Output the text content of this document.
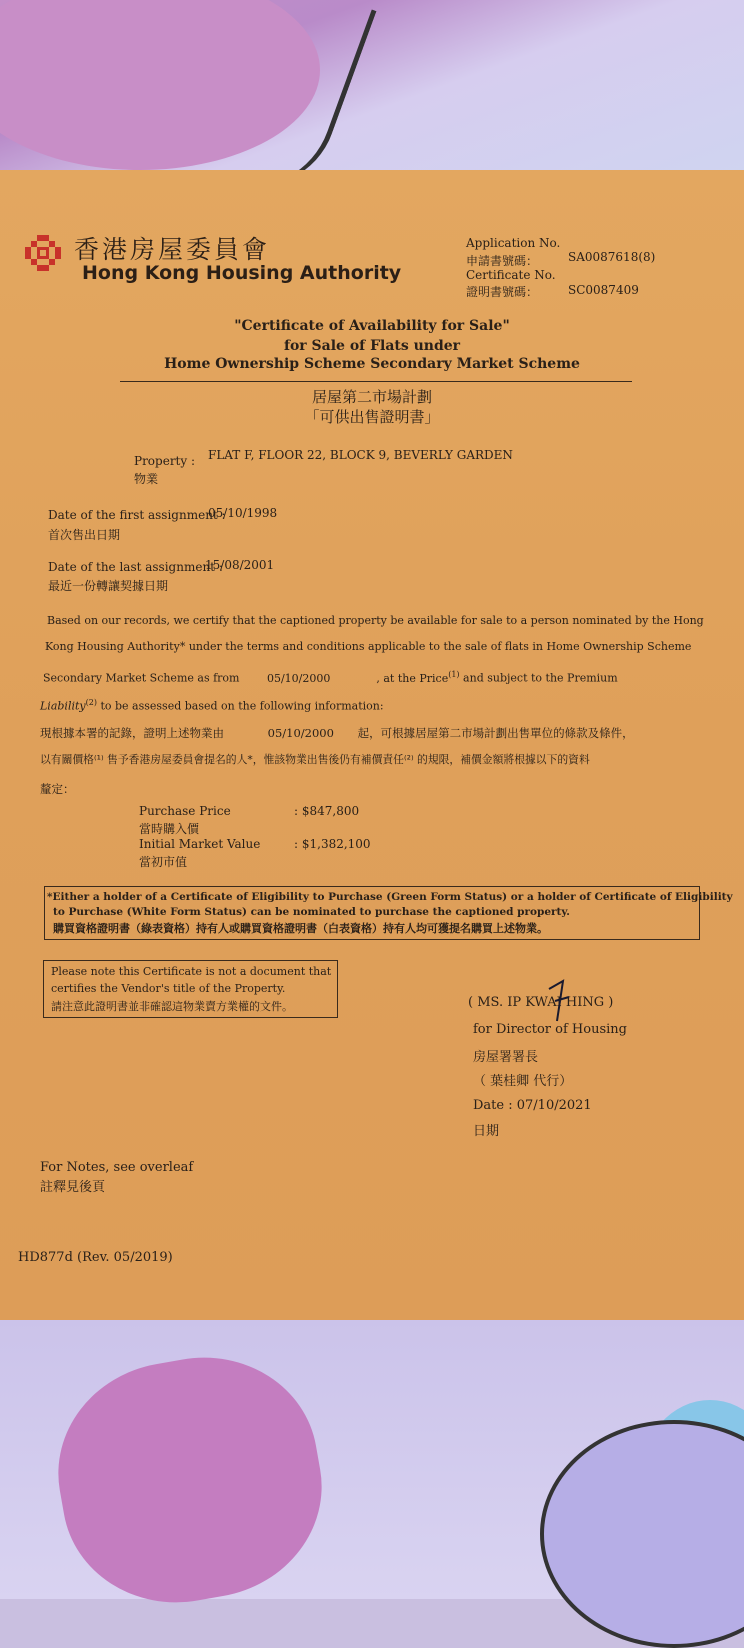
香港房屋委員會
Hong Kong Housing Authority
Application No.
申請書號碼： SA0087618(8)
Certificate No.
證明書號碼： SC0087409
"Certificate of Availability for Sale"
for Sale of Flats under
Home Ownership Scheme Secondary Market Scheme
居屋第二市場計劃
「可供出售證明書」
Property :
物業
FLAT F, FLOOR 22, BLOCK 9, BEVERLY GARDEN
Date of the first assignment :
05/10/1998
首次售出日期
Date of the last assignment :
15/08/2001
最近一份轉讓契據日期
Based on our records, we certify that the captioned property be available for sale to a person nominated by the Hong
Kong Housing Authority* under the terms and conditions applicable to the sale of flats in Home Ownership Scheme
Secondary Market Scheme as from	05/10/2000	, at the Price$^{(1)}$ and subject to the Premium
Liability$^{(2)}$ to be assessed based on the following information:
現根據本署的記錄，證明上述物業由	05/10/2000 起，可根據居屋第二市場計劃出售單位的條款及條件，
以有關價格⁽¹⁾ 售予香港房屋委員會提名的人*，惟該物業出售後仍有補價責任⁽²⁾ 的規限，補價金額將根據以下的資料
釐定：
Purchase Price
當時購入價
: $847,800
Initial Market Value
當初市值
: $1,382,100
*Either a holder of a Certificate of Eligibility to Purchase (Green Form Status) or a holder of Certificate of Eligibility
to Purchase (White Form Status) can be nominated to purchase the captioned property.
購買資格證明書（綠表資格）持有人或購買資格證明書（白表資格）持有人均可獲提名購買上述物業。
Please note this Certificate is not a document that
certifies the Vendor's title of the Property.
請注意此證明書並非確認這物業賣方業權的文件。	( MS. IP KWAI HING )
for Director of Housing
房屋署署長
（ 葉桂卿 代行）
Date : 07/10/2021
日期
For Notes, see overleaf
註釋見後頁
HD877d (Rev. 05/2019)
